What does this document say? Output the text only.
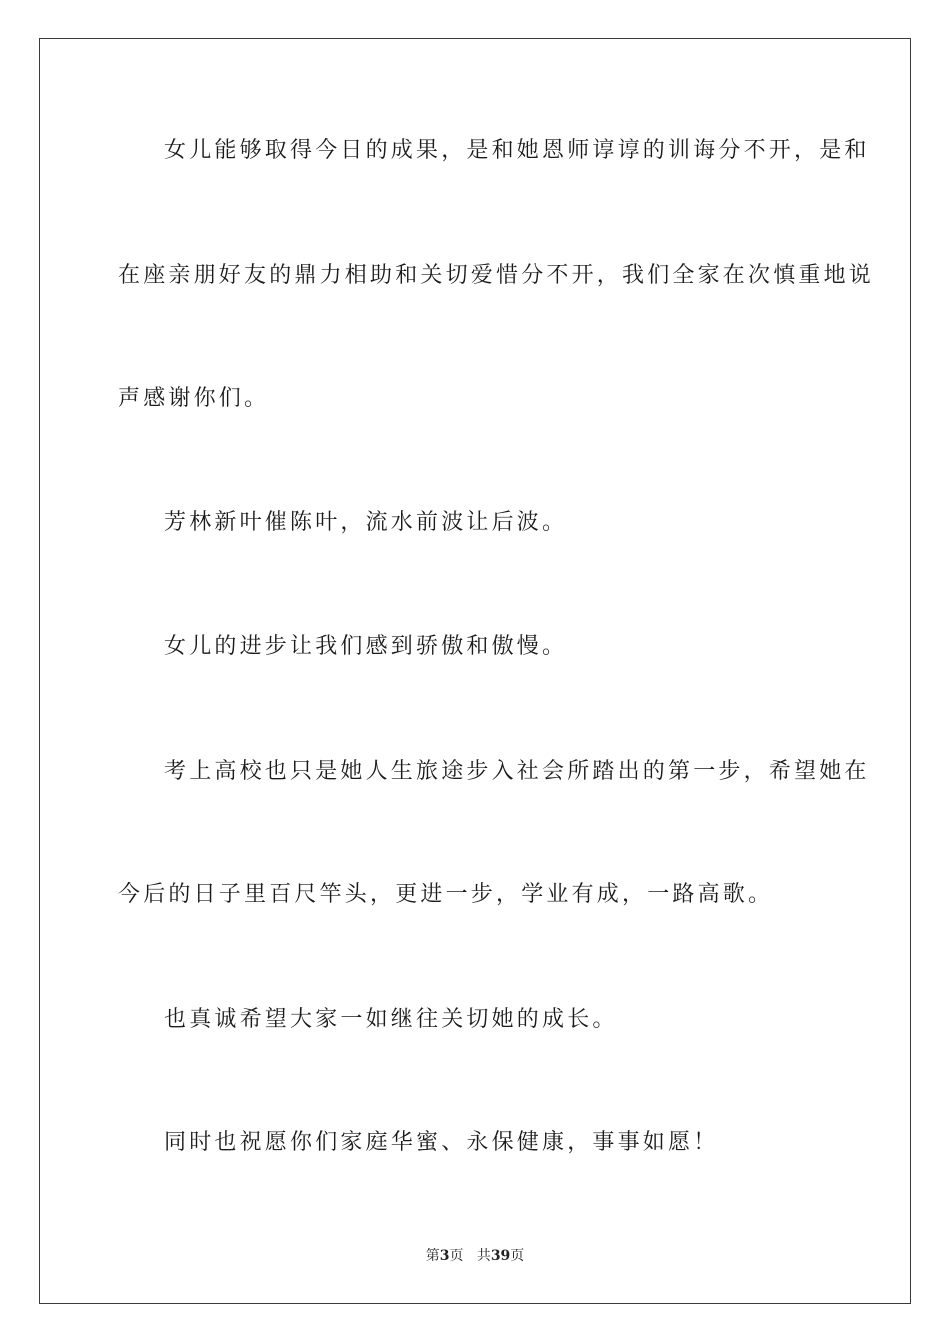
女儿能够取得今日的成果，是和她恩师谆谆的训诲分不开，是和
在座亲朋好友的鼎力相助和关切爱惜分不开，我们全家在次慎重地说
声感谢你们。
芳林新叶催陈叶，流水前波让后波。
女儿的进步让我们感到骄傲和傲慢。
考上高校也只是她人生旅途步入社会所踏出的第一步，希望她在
今后的日子里百尺竿头，更进一步，学业有成，一路高歌。
也真诚希望大家一如继往关切她的成长。
同时也祝愿你们家庭华蜜、永保健康，事事如愿！
第3页 共39页
